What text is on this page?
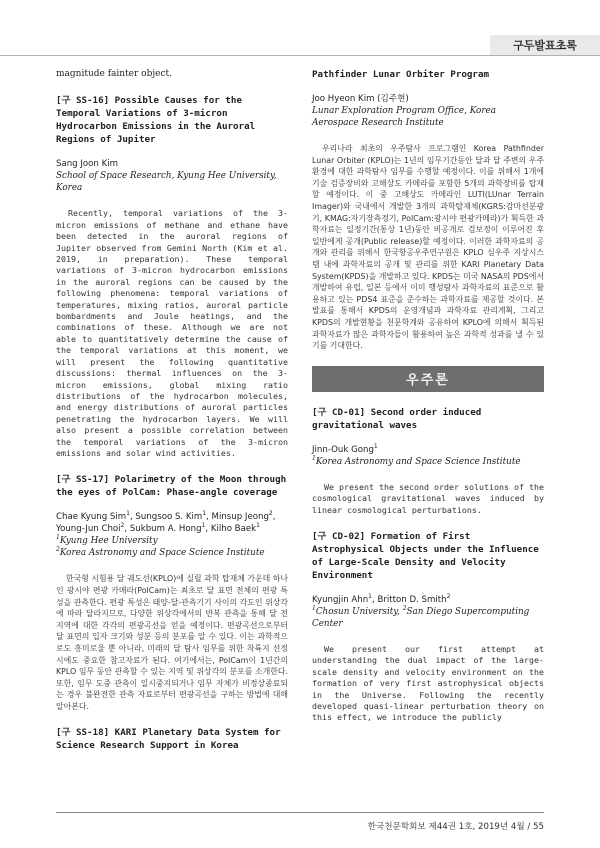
구두발표초록

magnitude fainter object.

[구 SS-16] Possible Causes for the Temporal Variations of 3-micron Hydrocarbon Emissions in the Auroral Regions of Jupiter

Sang Joon Kim

School of Space Research, Kyung Hee University, Korea

Recently, temporal variations of the 3-micron emissions of methane and ethane have been detected in the auroral regions of Jupiter observed from Gemini North (Kim et al. 2019, in preparation). These temporal variations of 3-micron hydrocarbon emissions in the auroral regions can be caused by the following phenomena: temporal variations of temperatures, mixing ratios, auroral particle bombardments and Joule heatings, and the combinations of these. Although we are not able to quantitatively determine the cause of the temporal variations at this moment, we will present the following quantitative discussions: thermal influences on the 3-micron emissions, global mixing ratio distributions of the hydrocarbon molecules, and energy distributions of auroral particles penetrating the hydrocarbon layers. We will also present a possible correlation between the temporal variations of the 3-micron emissions and solar wind activities.

[구 SS-17] Polarimetry of the Moon through the eyes of PolCam: Phase-angle coverage

Chae Kyung Sim$^1$, Sungsoo S. Kim$^1$, Minsup Jeong$^2$,
Young-Jun Choi$^2$, Sukbum A. Hong$^1$, Kilho Baek$^1$

$^1$Kyung Hee University

$^2$Korea Astronomy and Space Science Institute

한국형 시험용 달 궤도선(KPLO)에 실릴 과학 탑재체 가운데 하나인 광시야 편광 카메라(PolCam)는 최초로 달 표면 전체의 편광 특성을 관측한다. 편광 특성은 태양-달-관측기기 사이의 각도인 위상각에 따라 달라지므로, 다양한 위상각에서의 반복 관측을 통해 달 전 지역에 대한 각각의 편광곡선을 얻을 예정이다. 편광곡선으로부터 달 표면의 입자 크기와 성분 등의 분포를 알 수 있다. 이는 과학적으로도 흥미로울 뿐 아니라, 미래의 달 탐사 임무를 위한 착륙지 선정 시에도 중요한 참고자료가 된다. 여기에서는, PolCam이 1년간의 KPLO 임무 동안 관측할 수 있는 지역 및 위상각의 분포를 소개한다. 또한, 임무 도중 관측이 일시중지되거나 임무 자체가 비정상종료되는 경우 불완전한 관측 자료로부터 편광곡선을 구하는 방법에 대해 알아본다.

[구 SS-18] KARI Planetary Data System for Science Research Support in Korea

Pathfinder Lunar Orbiter Program

Joo Hyeon Kim (김주현)

Lunar Exploration Program Office, Korea Aerospace Research Institute

우리나라 최초의 우주탐사 프로그램인 Korea Pathfinder Lunar Orbiter (KPLO)는 1년의 임무기간동안 달과 달 주변의 우주환경에 대한 과학탐사 임무를 수행할 예정이다. 이를 위해서 1개에 기술 검증장비와 고해상도 카메라를 포함한 5개의 과학장비를 탑재할 예정이다. 이 중 고해상도 카메라인 LUTI(LUnar Terrain Imager)와 국내에서 개발한 3개의 과학탑재체(KGRS:감마선분광기, KMAG:자기장측정기, PolCam:광시야 편광카메라)가 획득한 과학자료는 일정기간(통상 1년)동안 비공개로 검보정이 이루어진 후 일반에게 공개(Public release)할 예정이다. 이러한 과학자료의 공개와 관리를 위해서 한국항공우주연구원은 KPLO 심우주 지상시스템 내에 과학자료의 공개 및 관리를 위한 KARI Planetary Data System(KPDS)을 개발하고 있다. KPDS는 미국 NASA의 PDS에서 개발하여 유럽, 일본 등에서 이미 행성탐사 과학자료의 표준으로 활용하고 있는 PDS4 표준을 준수하는 과학자료를 제공할 것이다. 본 발표를 통해서 KPDS의 운영개념과 과학자료 관리계획, 그리고 KPDS의 개발현황을 천문학계와 공유하여 KPLO에 의해서 획득된 과학자료가 많은 과학자들이 활용하여 높은 과학적 성과를 낼 수 있기를 기대한다.

우주론

[구 CD-01] Second order induced gravitational waves

Jinn-Ouk Gong$^1$

$^1$Korea Astronomy and Space Science Institute

We present the second order solutions of the cosmological gravitational waves induced by linear cosmological perturbations.

[구 CD-02] Formation of First Astrophysical Objects under the Influence of Large-Scale Density and Velocity Environment

Kyungjin Ahn$^1$, Britton D. Smith$^2$

$^1$Chosun University, $^2$San Diego Supercomputing Center

We present our first attempt at understanding the dual impact of the large-scale density and velocity environment on the formation of very first astrophysical objects in the Universe. Following the recently developed quasi-linear perturbation theory on this effect, we introduce the publicly

한국천문학회보 제44권 1호, 2019년 4월 / 55
